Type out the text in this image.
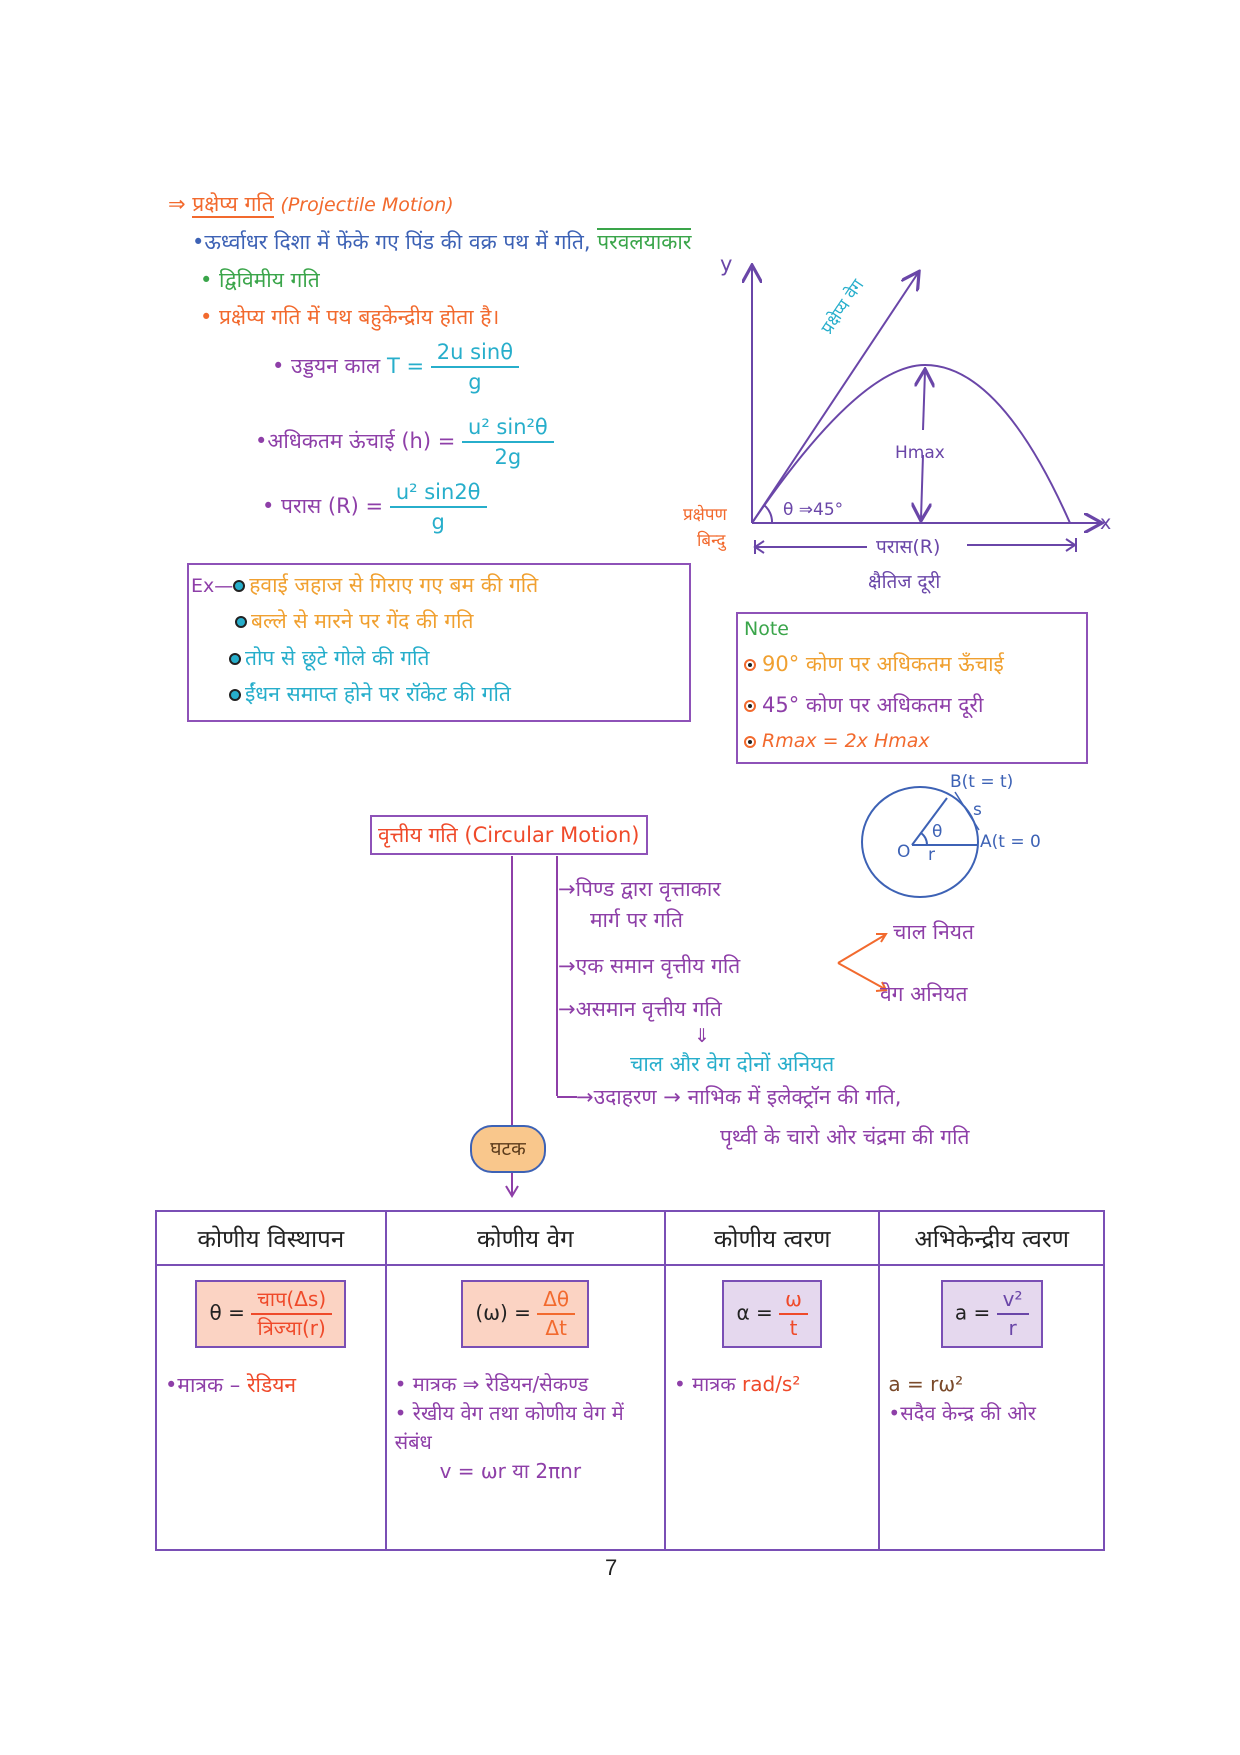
⇒ प्रक्षेप्य गति (Projectile Motion)
•ऊर्ध्वाधर दिशा में फेंके गए पिंड की वक्र पथ में गति, परवलयाकार
• द्विविमीय गति
• प्रक्षेप्य गति में पथ बहुकेन्द्रीय होता है।
• उड्डयन काल $T = \frac{\text{2u sinθ}}{g}$
•अधिकतम ऊंचाई $(h) = \frac{\text{u² sin²θ}}{2g}$
• परास $(R) = \frac{\text{u² sin2θ}}{g}$
y
x
प्रक्षेप्य वेग
Hmax
θ ⇒45°
प्रक्षेपण
बिन्दु	परास(R)
क्षैतिज दूरी
Ex— हवाई जहाज से गिराए गए बम की गति
बल्ले से मारने पर गेंद की गति
तोप से छूटे गोले की गति
ईंधन समाप्त होने पर रॉकेट की गति
Note
90° कोण पर अधिकतम ऊँचाई
45° कोण पर अधिकतम दूरी
Rmax = 2x Hmax
B(t = t)
s
θ
O r
A(t = 0
वृत्तीय गति (Circular Motion)
→पिण्ड द्वारा वृत्ताकार
मार्ग पर गति
→एक समान वृत्तीय गति
चाल नियत
वेग अनियत
→असमान वृत्तीय गति
⇓
चाल और वेग दोनों अनियत
→उदाहरण → नाभिक में इलेक्ट्रॉन की गति,
पृथ्वी के चारो ओर चंद्रमा की गति
घटक
कोणीय विस्थापन	कोणीय वेग	कोणीय त्वरण	अभिकेन्द्रीय त्वरण

$\theta = \frac{\text{चाप(Δs)}}{\text{त्रिज्या(r)}}$
•मात्रक – रेडियन

$(\omega) = \frac{\Delta\theta}{\Delta t}$
• मात्रक ⇒ रेडियन/सेकण्ड
• रेखीय वेग तथा कोणीय वेग में संबंध
v = ωr या 2πnr

$\alpha = \frac{\omega}{t}$
• मात्रक rad/s²

$a = \frac{\text{v²}}{r}$
a = rω²
•सदैव केन्द्र की ओर
7
